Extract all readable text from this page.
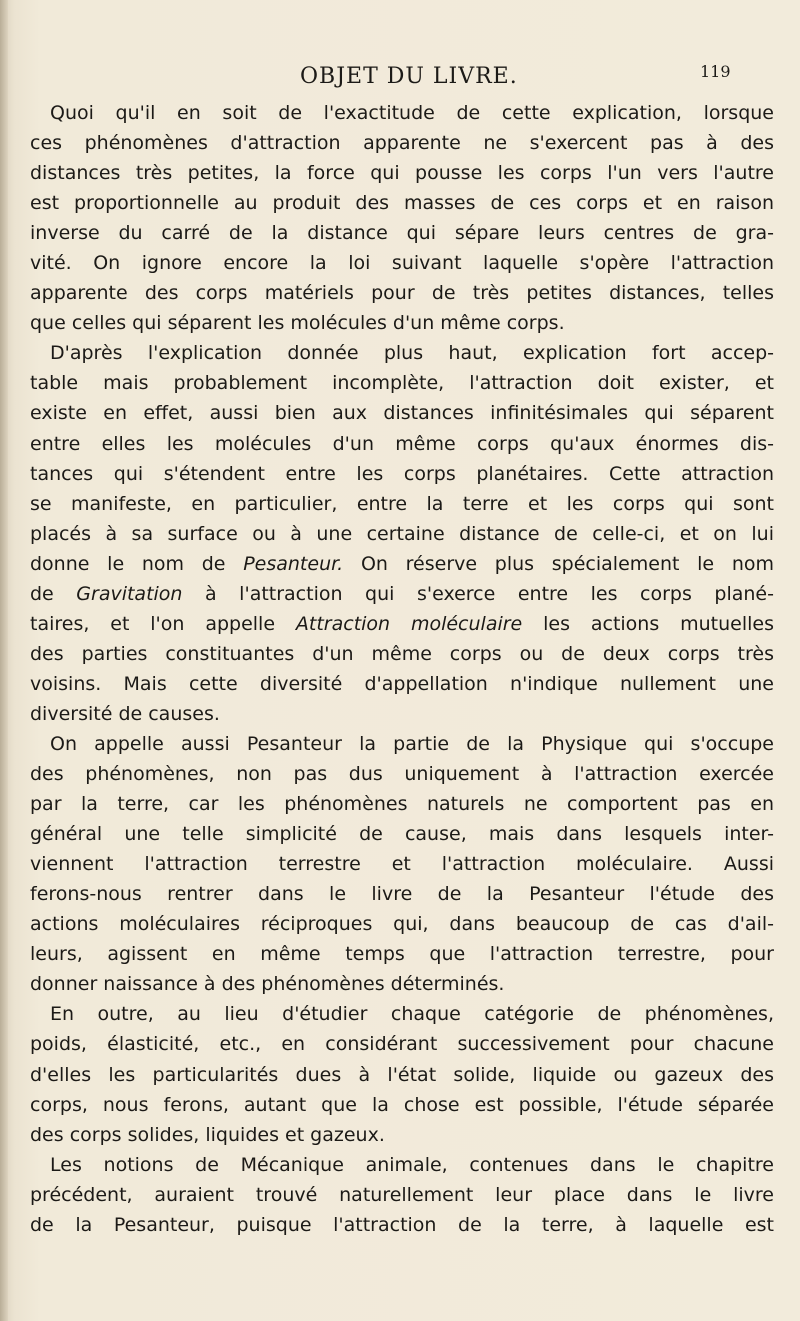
OBJET DU LIVRE.	119
Quoi qu'il en soit de l'exactitude de cette explication, lorsque
ces phénomènes d'attraction apparente ne s'exercent pas à des
distances très petites, la force qui pousse les corps l'un vers l'autre
est proportionnelle au produit des masses de ces corps et en raison
inverse du carré de la distance qui sépare leurs centres de gra-
vité. On ignore encore la loi suivant laquelle s'opère l'attraction
apparente des corps matériels pour de très petites distances, telles
que celles qui séparent les molécules d'un même corps.
D'après l'explication donnée plus haut, explication fort accep-
table mais probablement incomplète, l'attraction doit exister, et
existe en effet, aussi bien aux distances infinitésimales qui séparent
entre elles les molécules d'un même corps qu'aux énormes dis-
tances qui s'étendent entre les corps planétaires. Cette attraction
se manifeste, en particulier, entre la terre et les corps qui sont
placés à sa surface ou à une certaine distance de celle-ci, et on lui
donne le nom de Pesanteur. On réserve plus spécialement le nom
de Gravitation à l'attraction qui s'exerce entre les corps plané-
taires, et l'on appelle Attraction moléculaire les actions mutuelles
des parties constituantes d'un même corps ou de deux corps très
voisins. Mais cette diversité d'appellation n'indique nullement une
diversité de causes.
On appelle aussi Pesanteur la partie de la Physique qui s'occupe
des phénomènes, non pas dus uniquement à l'attraction exercée
par la terre, car les phénomènes naturels ne comportent pas en
général une telle simplicité de cause, mais dans lesquels inter-
viennent l'attraction terrestre et l'attraction moléculaire. Aussi
ferons-nous rentrer dans le livre de la Pesanteur l'étude des
actions moléculaires réciproques qui, dans beaucoup de cas d'ail-
leurs, agissent en même temps que l'attraction terrestre, pour
donner naissance à des phénomènes déterminés.
En outre, au lieu d'étudier chaque catégorie de phénomènes,
poids, élasticité, etc., en considérant successivement pour chacune
d'elles les particularités dues à l'état solide, liquide ou gazeux des
corps, nous ferons, autant que la chose est possible, l'étude séparée
des corps solides, liquides et gazeux.
Les notions de Mécanique animale, contenues dans le chapitre
précédent, auraient trouvé naturellement leur place dans le livre
de la Pesanteur, puisque l'attraction de la terre, à laquelle est
